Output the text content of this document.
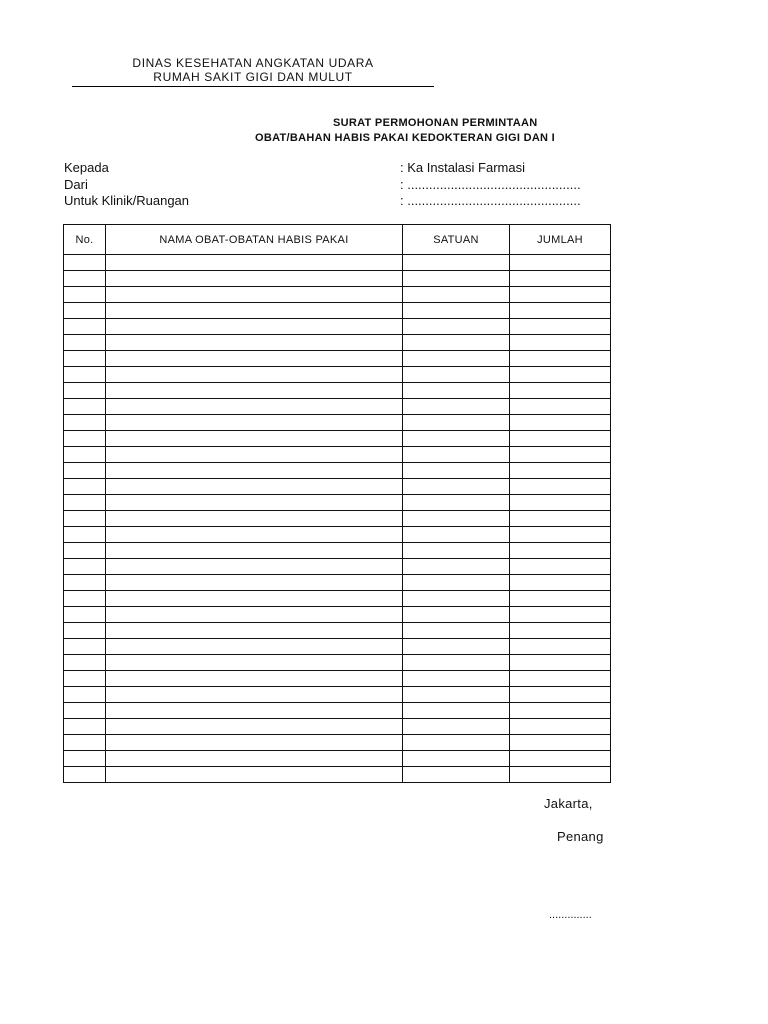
DINAS KESEHATAN ANGKATAN UDARA
RUMAH SAKIT GIGI DAN MULUT
SURAT PERMOHONAN PERMINTAAN
OBAT/BAHAN HABIS PAKAI KEDOKTERAN GIGI DAN I
Kepada	: Ka Instalasi Farmasi
Dari	: ................................................
Untuk Klinik/Ruangan	: ................................................
No.	NAMA OBAT-OBATAN HABIS PAKAI	SATUAN	JUMLAH

Jakarta,
Penang
..............
